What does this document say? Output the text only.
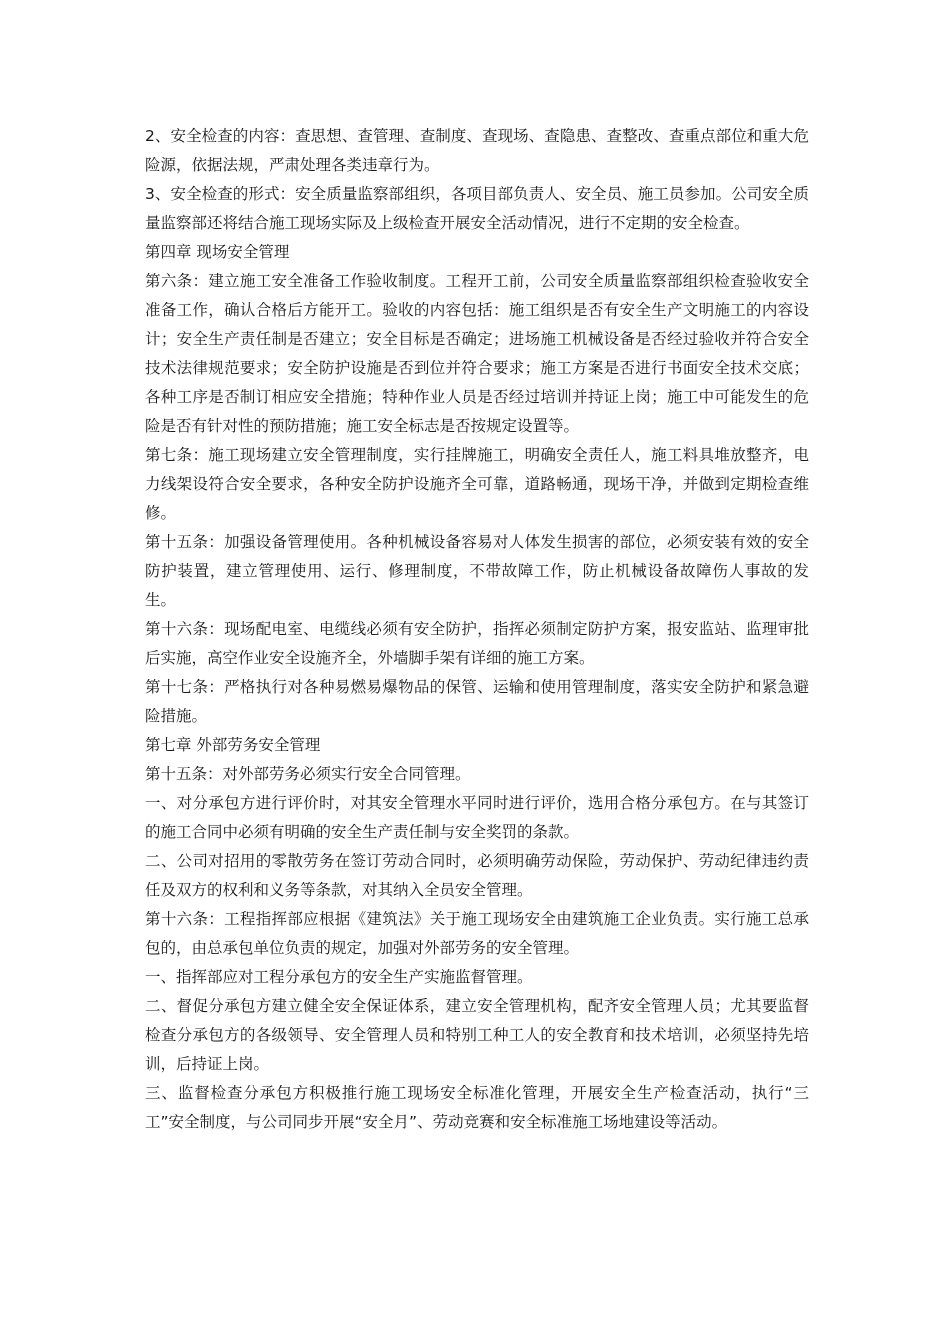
2、安全检查的内容：查思想、查管理、查制度、查现场、查隐患、查整改、查重点部位和重大危险源，依据法规，严肃处理各类违章行为。

3、安全检查的形式：安全质量监察部组织，各项目部负责人、安全员、施工员参加。公司安全质量监察部还将结合施工现场实际及上级检查开展安全活动情况，进行不定期的安全检查。

第四章 现场安全管理

第六条：建立施工安全准备工作验收制度。工程开工前，公司安全质量监察部组织检查验收安全准备工作，确认合格后方能开工。验收的内容包括：施工组织是否有安全生产文明施工的内容设计；安全生产责任制是否建立；安全目标是否确定；进场施工机械设备是否经过验收并符合安全技术法律规范要求；安全防护设施是否到位并符合要求；施工方案是否进行书面安全技术交底；各种工序是否制订相应安全措施；特种作业人员是否经过培训并持证上岗；施工中可能发生的危险是否有针对性的预防措施；施工安全标志是否按规定设置等。

第七条：施工现场建立安全管理制度，实行挂牌施工，明确安全责任人，施工料具堆放整齐，电力线架设符合安全要求，各种安全防护设施齐全可靠，道路畅通，现场干净，并做到定期检查维修。

第十五条：加强设备管理使用。各种机械设备容易对人体发生损害的部位，必须安装有效的安全防护装置，建立管理使用、运行、修理制度，不带故障工作，防止机械设备故障伤人事故的发生。

第十六条：现场配电室、电缆线必须有安全防护，指挥必须制定防护方案，报安监站、监理审批后实施，高空作业安全设施齐全，外墙脚手架有详细的施工方案。

第十七条：严格执行对各种易燃易爆物品的保管、运输和使用管理制度，落实安全防护和紧急避险措施。

第七章 外部劳务安全管理

第十五条：对外部劳务必须实行安全合同管理。

一、对分承包方进行评价时，对其安全管理水平同时进行评价，选用合格分承包方。在与其签订的施工合同中必须有明确的安全生产责任制与安全奖罚的条款。

二、公司对招用的零散劳务在签订劳动合同时，必须明确劳动保险，劳动保护、劳动纪律违约责任及双方的权利和义务等条款，对其纳入全员安全管理。

第十六条：工程指挥部应根据《建筑法》关于施工现场安全由建筑施工企业负责。实行施工总承包的，由总承包单位负责的规定，加强对外部劳务的安全管理。

一、指挥部应对工程分承包方的安全生产实施监督管理。

二、督促分承包方建立健全安全保证体系，建立安全管理机构，配齐安全管理人员；尤其要监督检查分承包方的各级领导、安全管理人员和特别工种工人的安全教育和技术培训，必须坚持先培训，后持证上岗。

三、监督检查分承包方积极推行施工现场安全标准化管理，开展安全生产检查活动，执行“三工”安全制度，与公司同步开展“安全月”、劳动竞赛和安全标准施工场地建设等活动。
